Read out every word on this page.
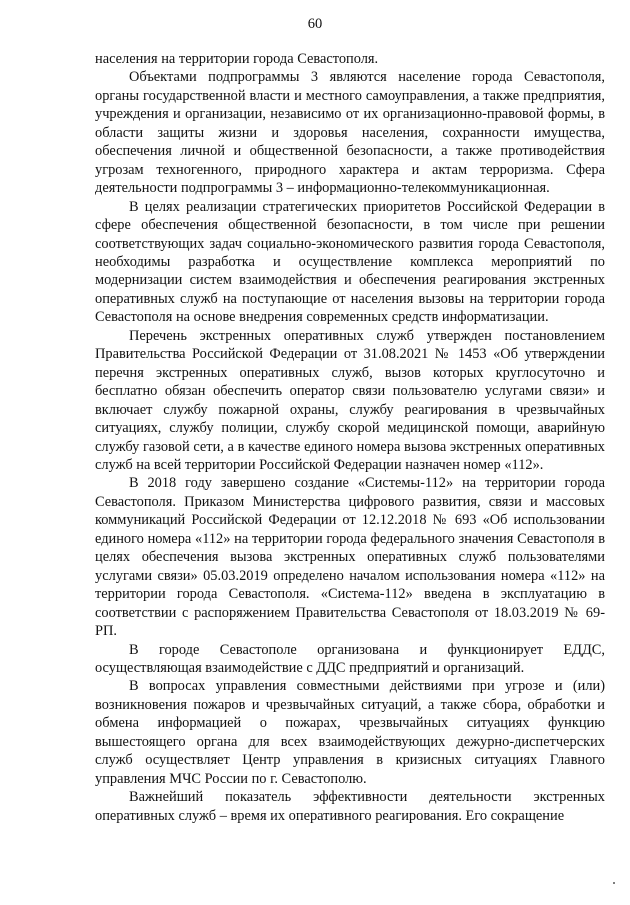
60

населения на территории города Севастополя.

Объектами подпрограммы 3 являются население города Севастополя, органы государственной власти и местного самоуправления, а также предприятия, учреждения и организации, независимо от их организационно-правовой формы, в области защиты жизни и здоровья населения, сохранности имущества, обеспечения личной и общественной безопасности, а также противодействия угрозам техногенного, природного характера и актам терроризма. Сфера деятельности подпрограммы 3 – информационно-телекоммуникационная.

В целях реализации стратегических приоритетов Российской Федерации в сфере обеспечения общественной безопасности, в том числе при решении соответствующих задач социально-экономического развития города Севастополя, необходимы разработка и осуществление комплекса мероприятий по модернизации систем взаимодействия и обеспечения реагирования экстренных оперативных служб на поступающие от населения вызовы на территории города Севастополя на основе внедрения современных средств информатизации.

Перечень экстренных оперативных служб утвержден постановлением Правительства Российской Федерации от 31.08.2021 № 1453 «Об утверждении перечня экстренных оперативных служб, вызов которых круглосуточно и бесплатно обязан обеспечить оператор связи пользователю услугами связи» и включает службу пожарной охраны, службу реагирования в чрезвычайных ситуациях, службу полиции, службу скорой медицинской помощи, аварийную службу газовой сети, а в качестве единого номера вызова экстренных оперативных служб на всей территории Российской Федерации назначен номер «112».

В 2018 году завершено создание «Системы-112» на территории города Севастополя. Приказом Министерства цифрового развития, связи и массовых коммуникаций Российской Федерации от 12.12.2018 № 693 «Об использовании единого номера «112» на территории города федерального значения Севастополя в целях обеспечения вызова экстренных оперативных служб пользователями услугами связи» 05.03.2019 определено началом использования номера «112» на территории города Севастополя. «Система-112» введена в эксплуатацию в соответствии с распоряжением Правительства Севастополя от 18.03.2019 № 69-РП.

В городе Севастополе организована и функционирует ЕДДС, осуществляющая взаимодействие с ДДС предприятий и организаций.

В вопросах управления совместными действиями при угрозе и (или) возникновения пожаров и чрезвычайных ситуаций, а также сбора, обработки и обмена информацией о пожарах, чрезвычайных ситуациях функцию вышестоящего органа для всех взаимодействующих дежурно-диспетчерских служб осуществляет Центр управления в кризисных ситуациях Главного управления МЧС России по г. Севастополю.

Важнейший показатель эффективности деятельности экстренных оперативных служб – время их оперативного реагирования. Его сокращение
